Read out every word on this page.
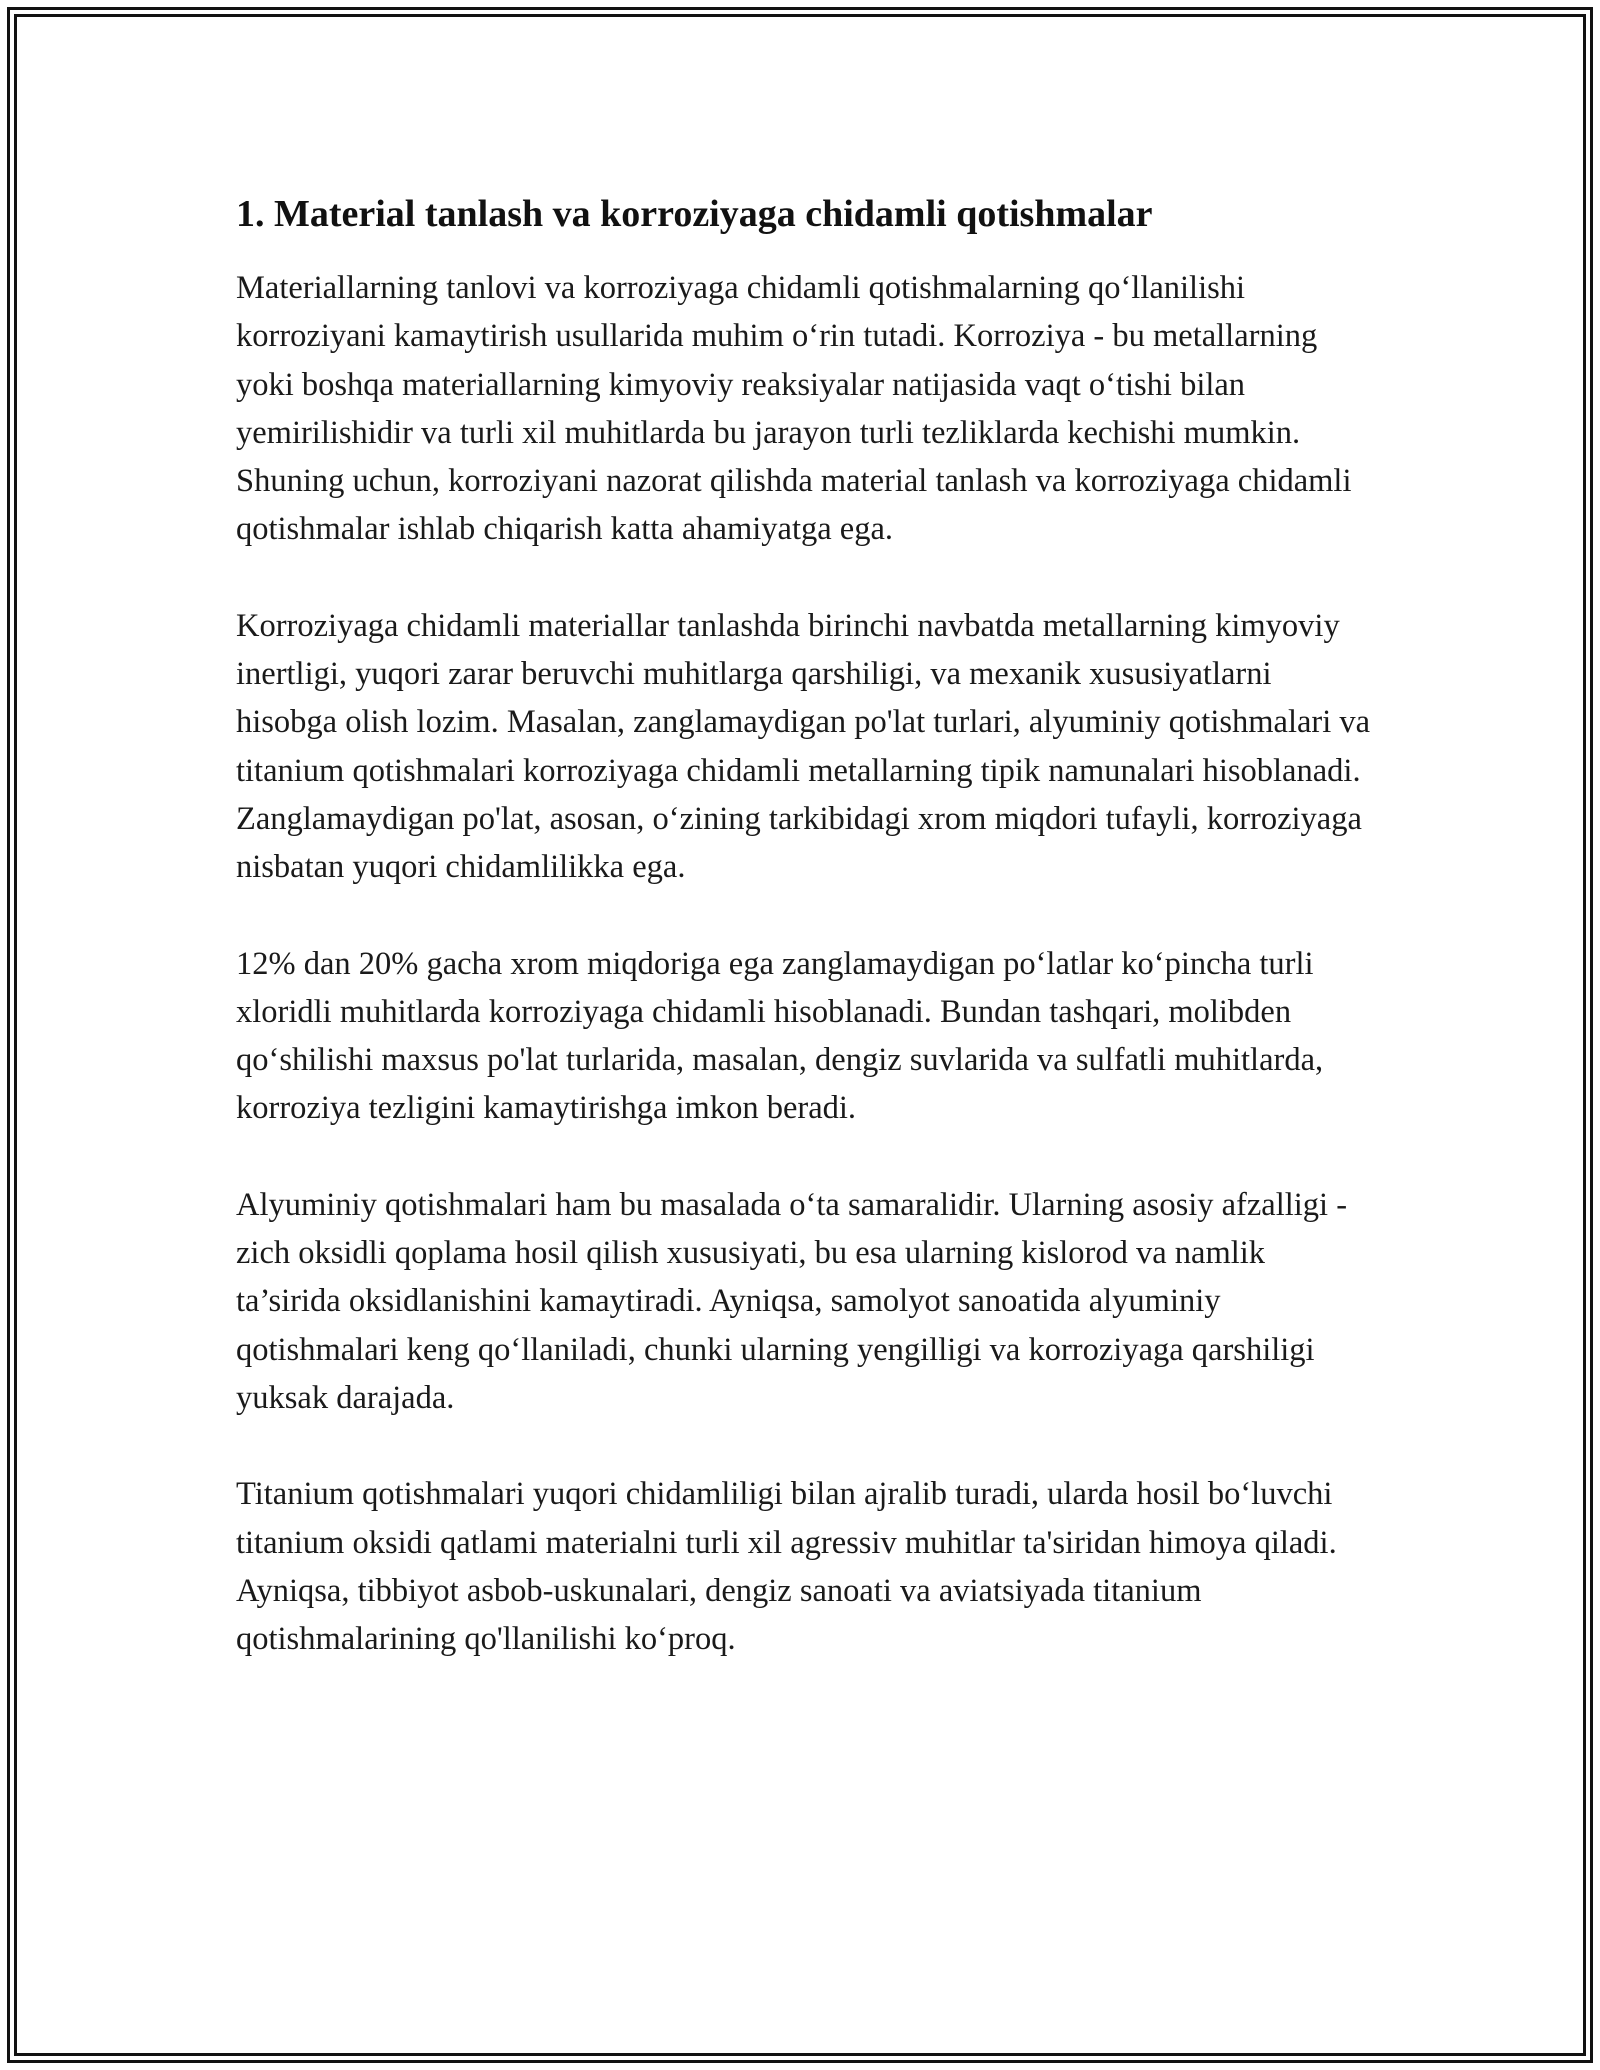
1. Material tanlash va korroziyaga chidamli qotishmalar

Materiallarning tanlovi va korroziyaga chidamli qotishmalarning qo‘llanilishi korroziyani kamaytirish usullarida muhim o‘rin tutadi. Korroziya - bu metallarning yoki boshqa materiallarning kimyoviy reaksiyalar natijasida vaqt o‘tishi bilan yemirilishidir va turli xil muhitlarda bu jarayon turli tezliklarda kechishi mumkin. Shuning uchun, korroziyani nazorat qilishda material tanlash va korroziyaga chidamli qotishmalar ishlab chiqarish katta ahamiyatga ega.

Korroziyaga chidamli materiallar tanlashda birinchi navbatda metallarning kimyoviy inertligi, yuqori zarar beruvchi muhitlarga qarshiligi, va mexanik xususiyatlarni hisobga olish lozim. Masalan, zanglamaydigan po'lat turlari, alyuminiy qotishmalari va titanium qotishmalari korroziyaga chidamli metallarning tipik namunalari hisoblanadi. Zanglamaydigan po'lat, asosan, o‘zining tarkibidagi xrom miqdori tufayli, korroziyaga nisbatan yuqori chidamlilikka ega.

12% dan 20% gacha xrom miqdoriga ega zanglamaydigan po‘latlar ko‘pincha turli xloridli muhitlarda korroziyaga chidamli hisoblanadi. Bundan tashqari, molibden qo‘shilishi maxsus po'lat turlarida, masalan, dengiz suvlarida va sulfatli muhitlarda, korroziya tezligini kamaytirishga imkon beradi.

Alyuminiy qotishmalari ham bu masalada o‘ta samaralidir. Ularning asosiy afzalligi - zich oksidli qoplama hosil qilish xususiyati, bu esa ularning kislorod va namlik ta’sirida oksidlanishini kamaytiradi. Ayniqsa, samolyot sanoatida alyuminiy qotishmalari keng qo‘llaniladi, chunki ularning yengilligi va korroziyaga qarshiligi yuksak darajada.

Titanium qotishmalari yuqori chidamliligi bilan ajralib turadi, ularda hosil bo‘luvchi titanium oksidi qatlami materialni turli xil agressiv muhitlar ta'siridan himoya qiladi. Ayniqsa, tibbiyot asbob-uskunalari, dengiz sanoati va aviatsiyada titanium qotishmalarining qo'llanilishi ko‘proq.
